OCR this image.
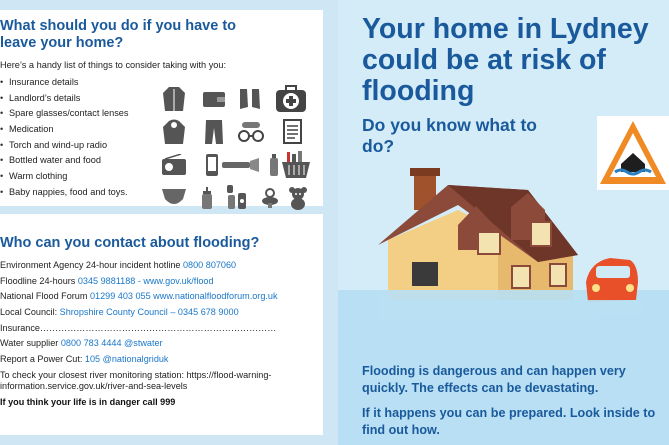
What should you do if you have to leave your home?

Here’s a handy list of things to consider taking with you:

• Insurance details
• Landlord’s details
• Spare glasses/contact lenses
• Medication
• Torch and wind-up radio
• Bottled water and food
• Warm clothing
• Baby nappies, food and toys.
Who can you contact about flooding?

Environment Agency 24-hour incident hotline 0800 807060

Floodline 24-hours 0345 9881188 - www.gov.uk/flood

National Flood Forum 01299 403 055 www.nationalfloodforum.org.uk

Local Council: Shropshire County Council – 0345 678 9000

Insurance……………………………………………………………………

Water supplier 0800 783 4444 @stwater

Report a Power Cut: 105 @nationalgriduk

To check your closest river monitoring station: https://flood-warning-information.service.gov.uk/river-and-sea-levels

If you think your life is in danger call 999

Your home in Lydney could be at risk of flooding

Do you know what to do?

Flooding is dangerous and can happen very quickly. The effects can be devastating.

If it happens you can be prepared. Look inside to find out how.
